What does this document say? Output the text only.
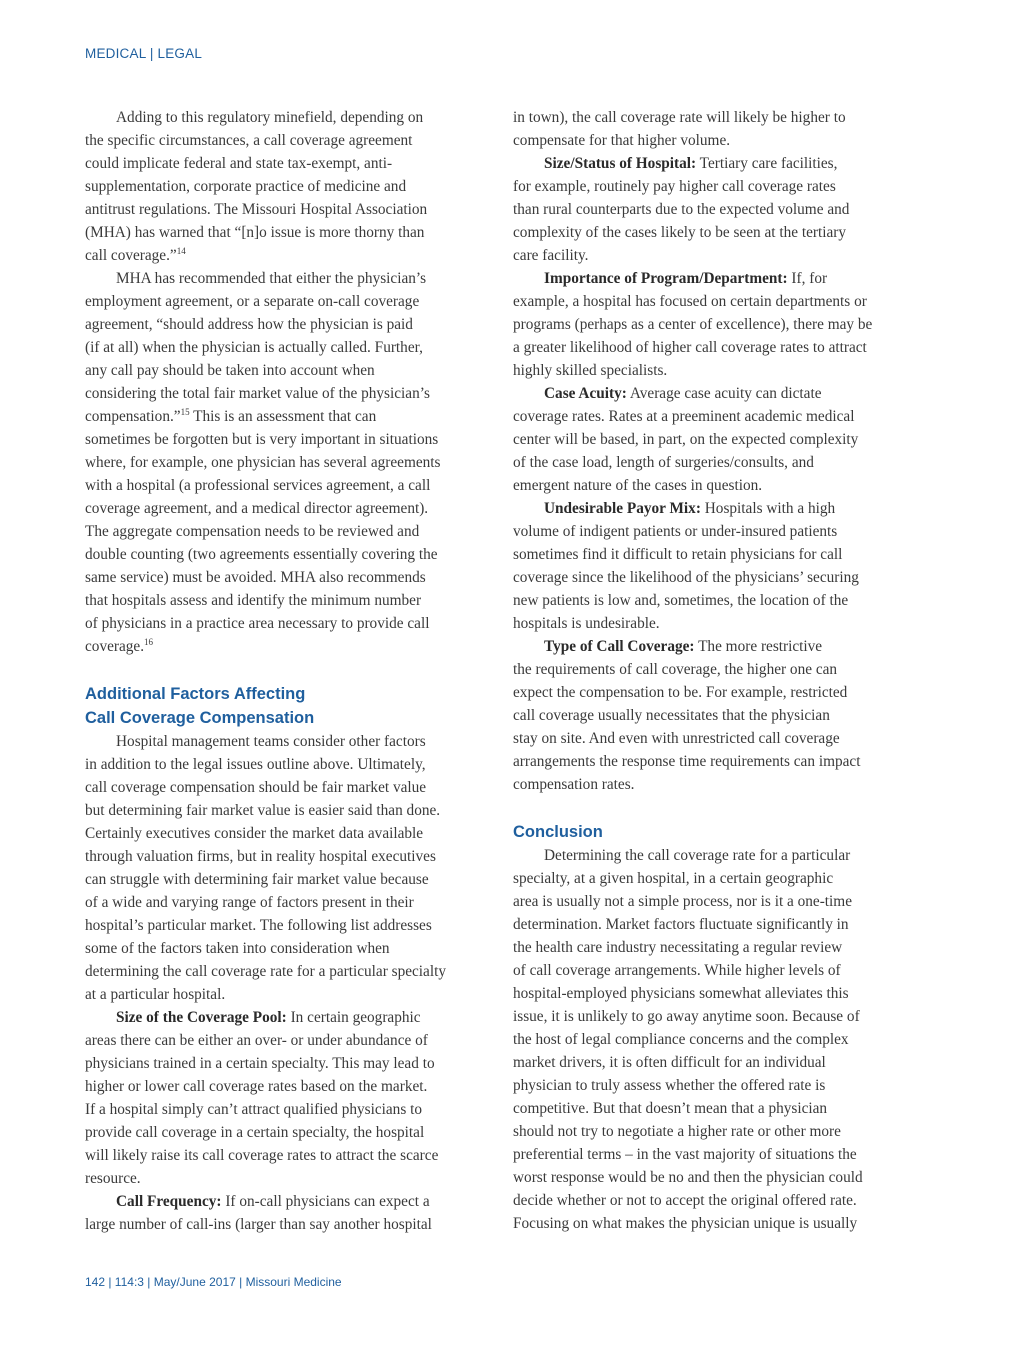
MEDICAL | LEGAL
Adding to this regulatory minefield, depending on
the specific circumstances, a call coverage agreement
could implicate federal and state tax-exempt, anti-
supplementation, corporate practice of medicine and
antitrust regulations. The Missouri Hospital Association
(MHA) has warned that “[n]o issue is more thorny than
call coverage.”$^{14}$
MHA has recommended that either the physician’s
employment agreement, or a separate on-call coverage
agreement, “should address how the physician is paid
(if at all) when the physician is actually called. Further,
any call pay should be taken into account when
considering the total fair market value of the physician’s
compensation.”$^{15}$ This is an assessment that can
sometimes be forgotten but is very important in situations
where, for example, one physician has several agreements
with a hospital (a professional services agreement, a call
coverage agreement, and a medical director agreement).
The aggregate compensation needs to be reviewed and
double counting (two agreements essentially covering the
same service) must be avoided. MHA also recommends
that hospitals assess and identify the minimum number
of physicians in a practice area necessary to provide call
coverage.$^{16}$
Additional Factors Affecting
Call Coverage Compensation
Hospital management teams consider other factors
in addition to the legal issues outline above. Ultimately,
call coverage compensation should be fair market value
but determining fair market value is easier said than done.
Certainly executives consider the market data available
through valuation firms, but in reality hospital executives
can struggle with determining fair market value because
of a wide and varying range of factors present in their
hospital’s particular market. The following list addresses
some of the factors taken into consideration when
determining the call coverage rate for a particular specialty
at a particular hospital.
Size of the Coverage Pool: In certain geographic
areas there can be either an over- or under abundance of
physicians trained in a certain specialty. This may lead to
higher or lower call coverage rates based on the market.
If a hospital simply can’t attract qualified physicians to
provide call coverage in a certain specialty, the hospital
will likely raise its call coverage rates to attract the scarce
resource.
Call Frequency: If on-call physicians can expect a
large number of call-ins (larger than say another hospital
in town), the call coverage rate will likely be higher to
compensate for that higher volume.
Size/Status of Hospital: Tertiary care facilities,
for example, routinely pay higher call coverage rates
than rural counterparts due to the expected volume and
complexity of the cases likely to be seen at the tertiary
care facility.
Importance of Program/Department: If, for
example, a hospital has focused on certain departments or
programs (perhaps as a center of excellence), there may be
a greater likelihood of higher call coverage rates to attract
highly skilled specialists.
Case Acuity: Average case acuity can dictate
coverage rates. Rates at a preeminent academic medical
center will be based, in part, on the expected complexity
of the case load, length of surgeries/consults, and
emergent nature of the cases in question.
Undesirable Payor Mix: Hospitals with a high
volume of indigent patients or under-insured patients
sometimes find it difficult to retain physicians for call
coverage since the likelihood of the physicians’ securing
new patients is low and, sometimes, the location of the
hospitals is undesirable.
Type of Call Coverage: The more restrictive
the requirements of call coverage, the higher one can
expect the compensation to be. For example, restricted
call coverage usually necessitates that the physician
stay on site. And even with unrestricted call coverage
arrangements the response time requirements can impact
compensation rates.
Conclusion
Determining the call coverage rate for a particular
specialty, at a given hospital, in a certain geographic
area is usually not a simple process, nor is it a one-time
determination. Market factors fluctuate significantly in
the health care industry necessitating a regular review
of call coverage arrangements. While higher levels of
hospital-employed physicians somewhat alleviates this
issue, it is unlikely to go away anytime soon. Because of
the host of legal compliance concerns and the complex
market drivers, it is often difficult for an individual
physician to truly assess whether the offered rate is
competitive. But that doesn’t mean that a physician
should not try to negotiate a higher rate or other more
preferential terms – in the vast majority of situations the
worst response would be no and then the physician could
decide whether or not to accept the original offered rate.
Focusing on what makes the physician unique is usually
142 | 114:3 | May/June 2017 | Missouri Medicine
